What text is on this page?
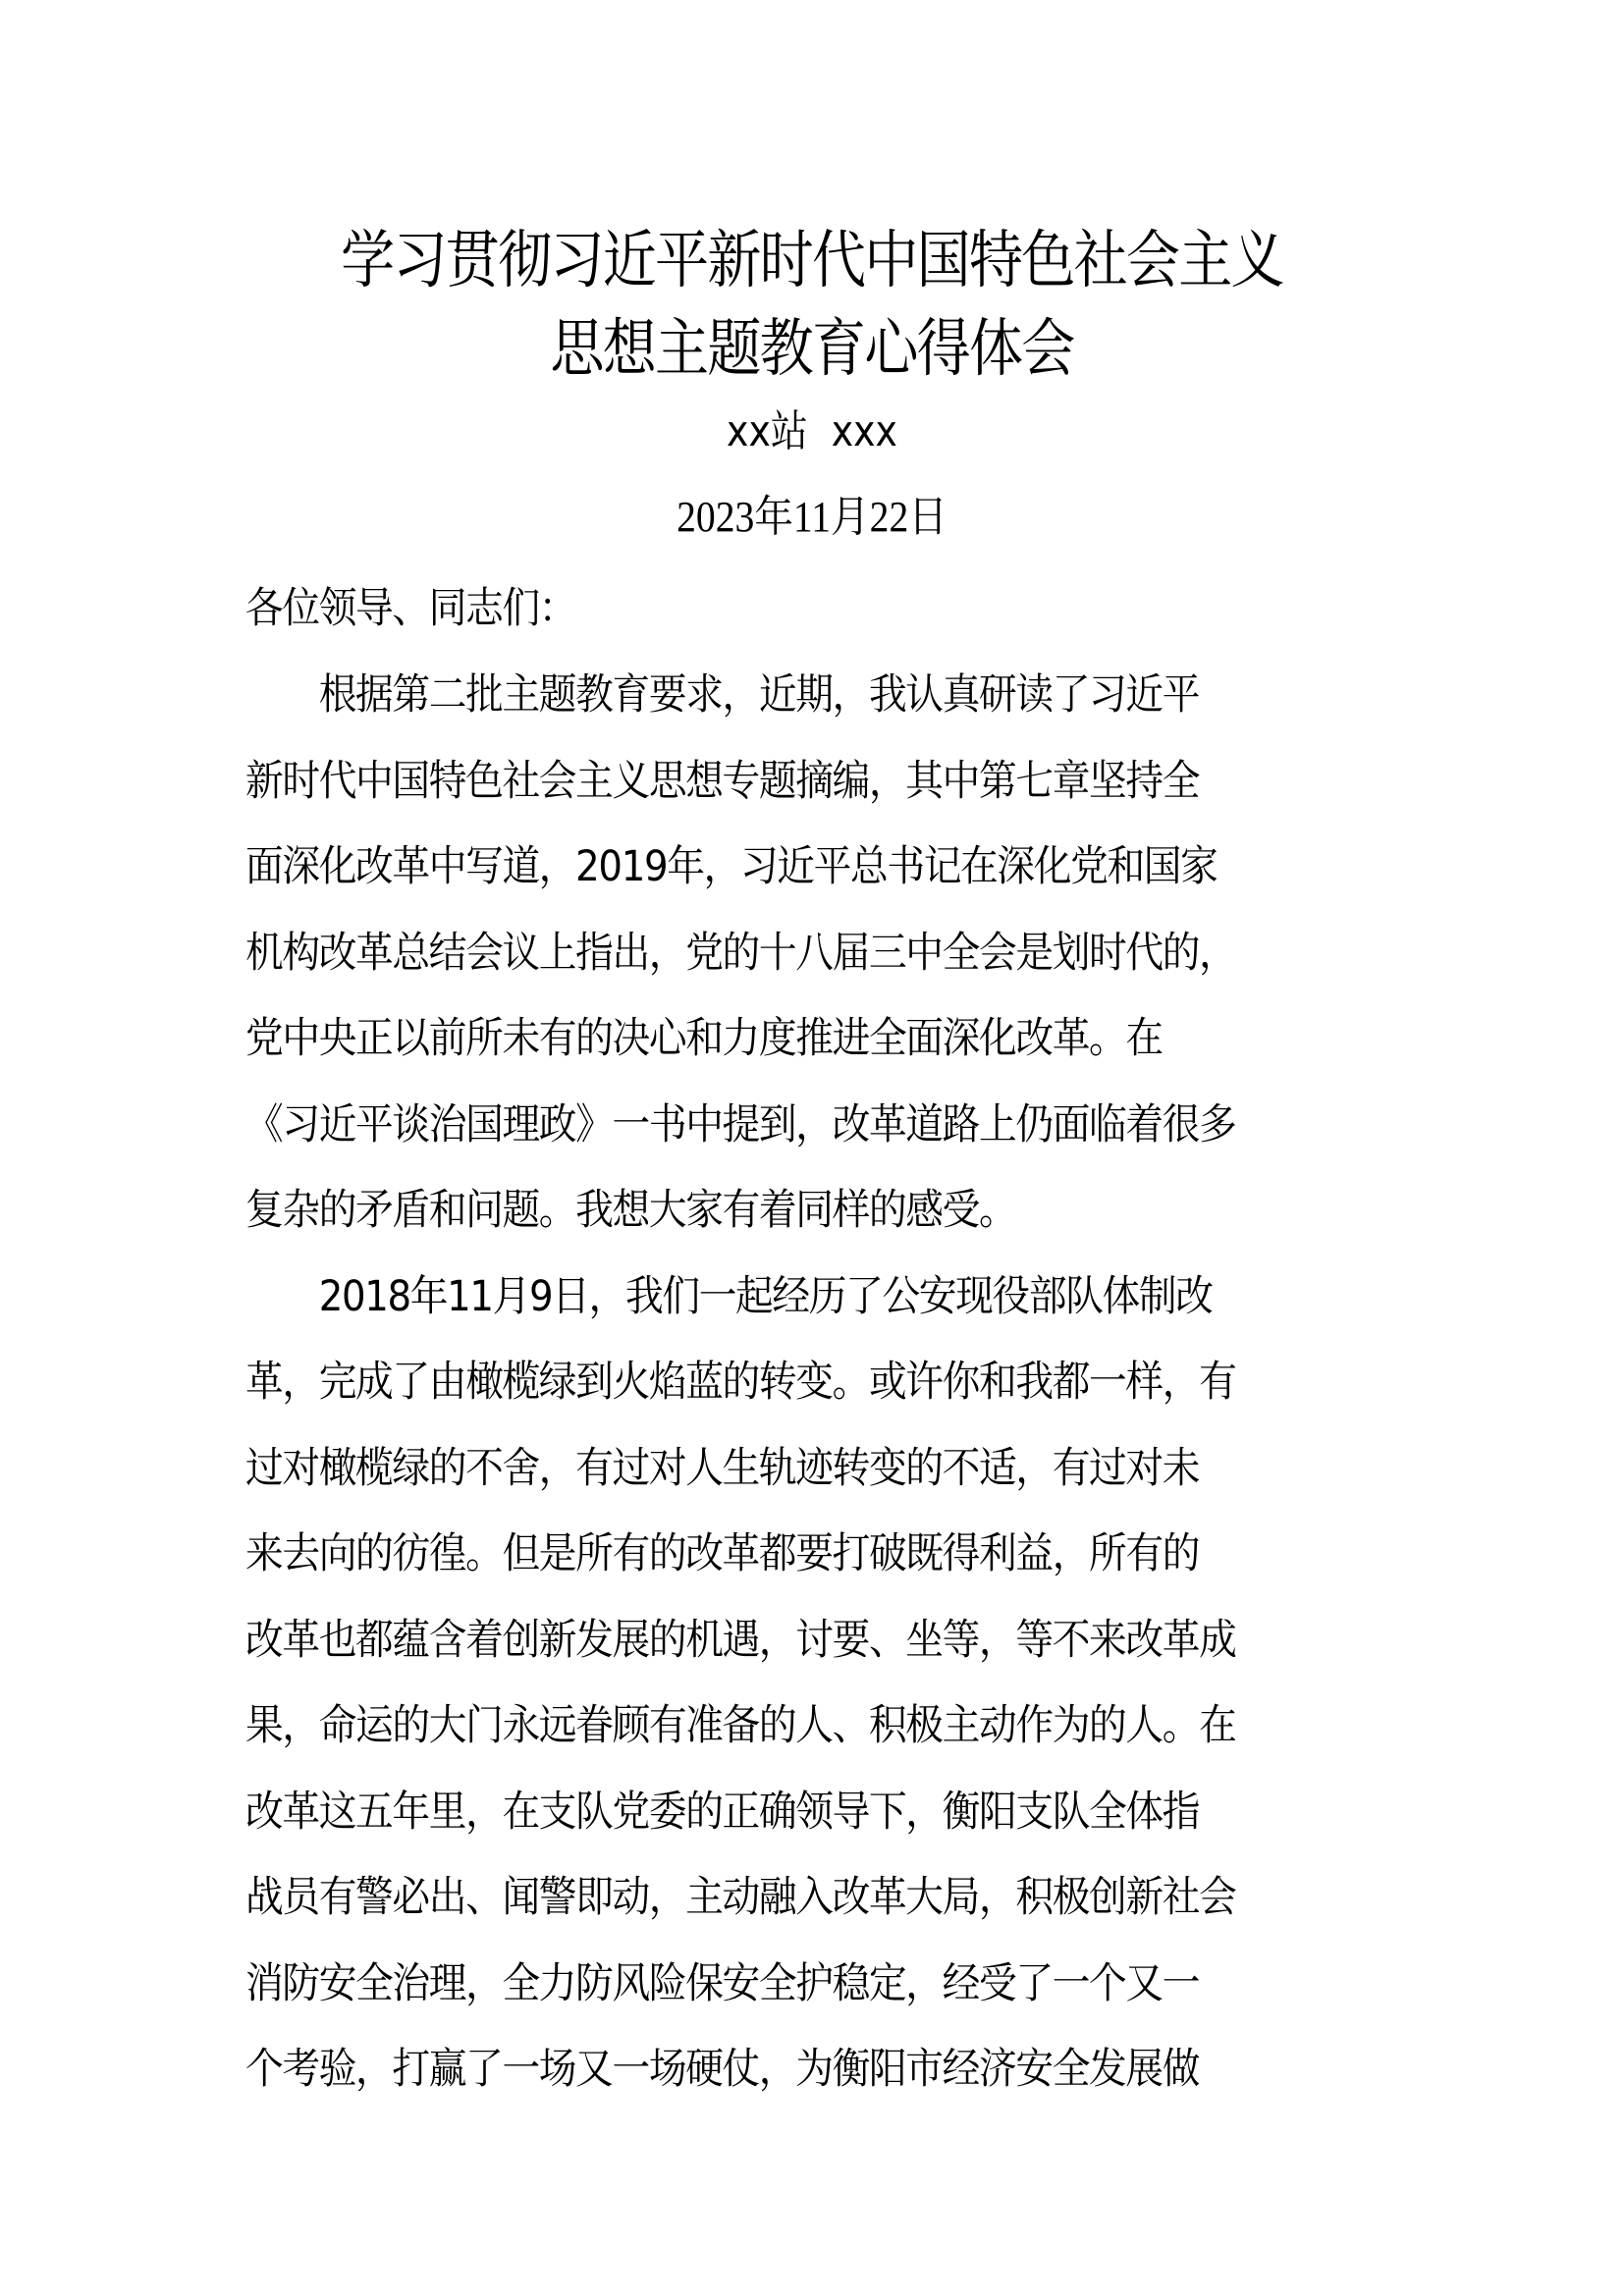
学习贯彻习近平新时代中国特色社会主义
思想主题教育心得体会
xx站  xxx
2023年11月22日
各位领导、同志们：
　　根据第二批主题教育要求，近期，我认真研读了习近平
新时代中国特色社会主义思想专题摘编，其中第七章坚持全
面深化改革中写道，2019年，习近平总书记在深化党和国家
机构改革总结会议上指出，党的十八届三中全会是划时代的，
党中央正以前所未有的决心和力度推进全面深化改革。在
《习近平谈治国理政》一书中提到，改革道路上仍面临着很多
复杂的矛盾和问题。我想大家有着同样的感受。
　　2018年11月9日，我们一起经历了公安现役部队体制改
革，完成了由橄榄绿到火焰蓝的转变。或许你和我都一样，有
过对橄榄绿的不舍，有过对人生轨迹转变的不适，有过对未
来去向的彷徨。但是所有的改革都要打破既得利益，所有的
改革也都蕴含着创新发展的机遇，讨要、坐等，等不来改革成
果，命运的大门永远眷顾有准备的人、积极主动作为的人。在
改革这五年里，在支队党委的正确领导下，衡阳支队全体指
战员有警必出、闻警即动，主动融入改革大局，积极创新社会
消防安全治理，全力防风险保安全护稳定，经受了一个又一
个考验，打赢了一场又一场硬仗，为衡阳市经济安全发展做
